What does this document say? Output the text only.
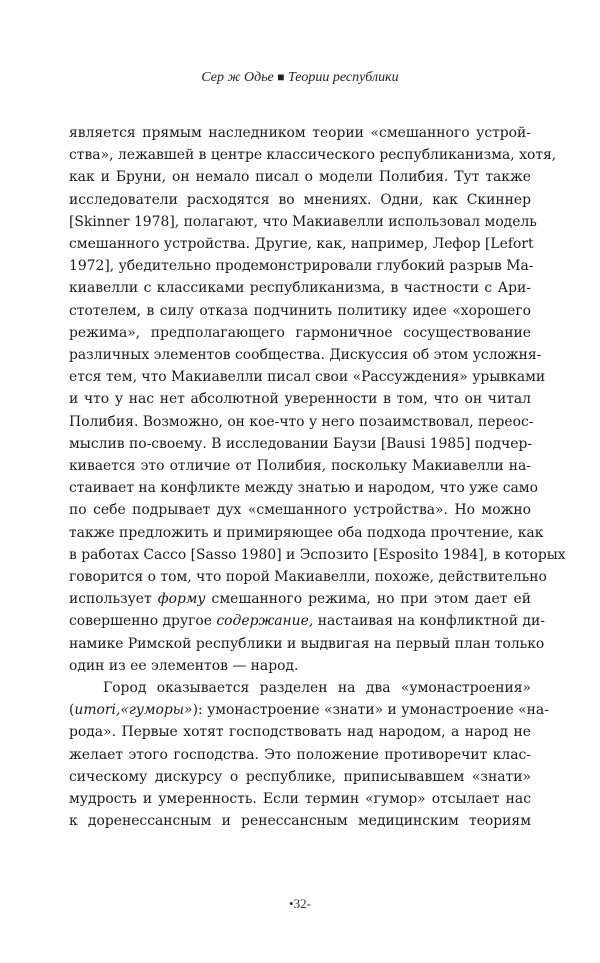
Сер ж Одье ■ Теории республики

является прямым наследником теории «смешанного устрой-
ства», лежавшей в центре классического республиканизма, хотя,
как и Бруни, он немало писал о модели Полибия. Тут также
исследователи расходятся во мнениях. Одни, как Скиннер
[Skinner 1978], полагают, что Макиавелли использовал модель
смешанного устройства. Другие, как, например, Лефор [Lefort
1972], убедительно продемонстрировали глубокий разрыв Ма-
киавелли с классиками республиканизма, в частности с Ари-
стотелем, в силу отказа подчинить политику идее «хорошего
режима», предполагающего гармоничное сосуществование
различных элементов сообщества. Дискуссия об этом усложня-
ется тем, что Макиавелли писал свои «Рассуждения» урывками
и что у нас нет абсолютной уверенности в том, что он читал
Полибия. Возможно, он кое-что у него позаимствовал, переос-
мыслив по-своему. В исследовании Баузи [Bausi 1985] подчер-
кивается это отличие от Полибия, поскольку Макиавелли на-
стаивает на конфликте между знатью и народом, что уже само
по себе подрывает дух «смешанного устройства». Но можно
также предложить и примиряющее оба подхода прочтение, как
в работах Сассо [Sasso 1980] и Эспозито [Esposito 1984], в которых
говорится о том, что порой Макиавелли, похоже, действительно
использует форму смешанного режима, но при этом дает ей
совершенно другое содержание, настаивая на конфликтной ди-
намике Римской республики и выдвигая на первый план только
один из ее элементов — народ.

Город оказывается разделен на два «умонастроения»
(umori,«гуморы»): умонастроение «знати» и умонастроение «на-
рода». Первые хотят господствовать над народом, а народ не
желает этого господства. Это положение противоречит клас-
сическому дискурсу о республике, приписывавшем «знати»
мудрость и умеренность. Если термин «гумор» отсылает нас
к доренессансным и ренессансным медицинским теориям

•32-
